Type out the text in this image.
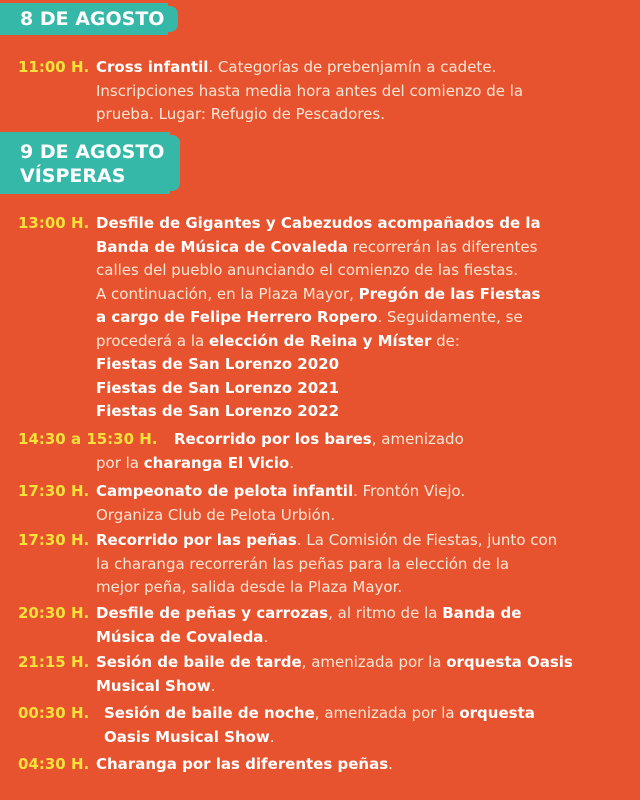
8 DE AGOSTO
9 DE AGOSTO
VÍSPERAS
11:00 H. Cross infantil. Categorías de prebenjamín a cadete.
Inscripciones hasta media hora antes del comienzo de la
prueba. Lugar: Refugio de Pescadores.
13:00 H. Desfile de Gigantes y Cabezudos acompañados de la
Banda de Música de Covaleda recorrerán las diferentes
calles del pueblo anunciando el comienzo de las fiestas.
A continuación, en la Plaza Mayor, Pregón de las Fiestas
a cargo de Felipe Herrero Ropero. Seguidamente, se
procederá a la elección de Reina y Míster de:
Fiestas de San Lorenzo 2020
Fiestas de San Lorenzo 2021
Fiestas de San Lorenzo 2022
14:30 a 15:30 H. Recorrido por los bares, amenizado
por la charanga El Vicio.
17:30 H. Campeonato de pelota infantil. Frontón Viejo.
Organiza Club de Pelota Urbión.
17:30 H. Recorrido por las peñas. La Comisión de Fiestas, junto con
la charanga recorrerán las peñas para la elección de la
mejor peña, salida desde la Plaza Mayor.
20:30 H. Desfile de peñas y carrozas, al ritmo de la Banda de
Música de Covaleda.
21:15 H. Sesión de baile de tarde, amenizada por la orquesta Oasis
Musical Show.
00:30 H. Sesión de baile de noche, amenizada por la orquesta
Oasis Musical Show.
04:30 H. Charanga por las diferentes peñas.
